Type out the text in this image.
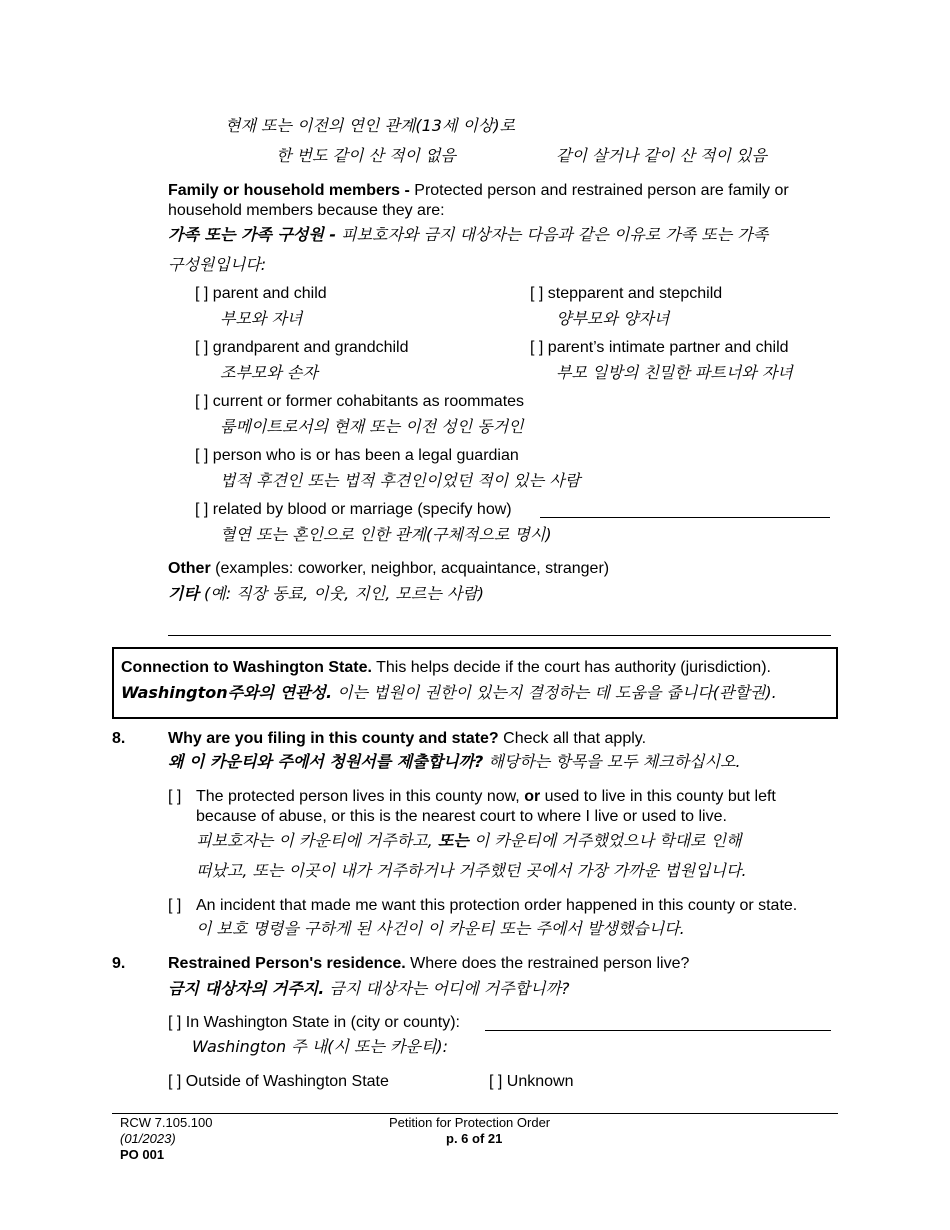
현재 또는 이전의 연인 관계(13세 이상)로
한 번도 같이 산 적이 없음	같이 살거나 같이 산 적이 있음
Family or household members - Protected person and restrained person are family or
household members because they are:
가족 또는 가족 구성원 - 피보호자와 금지 대상자는 다음과 같은 이유로 가족 또는 가족
구성원입니다:
[ ] parent and child
부모와 자녀
[ ] stepparent and stepchild
양부모와 양자녀
[ ] grandparent and grandchild
조부모와 손자
[ ] parent’s intimate partner and child
부모 일방의 친밀한 파트너와 자녀
[ ] current or former cohabitants as roommates
룸메이트로서의 현재 또는 이전 성인 동거인
[ ] person who is or has been a legal guardian
법적 후견인 또는 법적 후견인이었던 적이 있는 사람
[ ] related by blood or marriage (specify how)
혈연 또는 혼인으로 인한 관계(구체적으로 명시)
Other (examples: coworker, neighbor, acquaintance, stranger)
기타 (예: 직장 동료, 이웃, 지인, 모르는 사람)
Connection to Washington State. This helps decide if the court has authority (jurisdiction).
Washington주와의 연관성. 이는 법원이 권한이 있는지 결정하는 데 도움을 줍니다(관할권).
8.	Why are you filing in this county and state? Check all that apply.
왜 이 카운티와 주에서 청원서를 제출합니까? 해당하는 항목을 모두 체크하십시오.
[ ] The protected person lives in this county now, or used to live in this county but left
because of abuse, or this is the nearest court to where I live or used to live.
피보호자는 이 카운티에 거주하고, 또는 이 카운티에 거주했었으나 학대로 인해
떠났고, 또는 이곳이 내가 거주하거나 거주했던 곳에서 가장 가까운 법원입니다.
[ ] An incident that made me want this protection order happened in this county or state.
이 보호 명령을 구하게 된 사건이 이 카운티 또는 주에서 발생했습니다.
9.	Restrained Person's residence. Where does the restrained person live?
금지 대상자의 거주지. 금지 대상자는 어디에 거주합니까?
[ ] In Washington State in (city or county):
Washington 주 내(시 또는 카운티):
[ ] Outside of Washington State	[ ] Unknown
RCW 7.105.100
(01/2023)
PO 001
Petition for Protection Order
p. 6 of 21
